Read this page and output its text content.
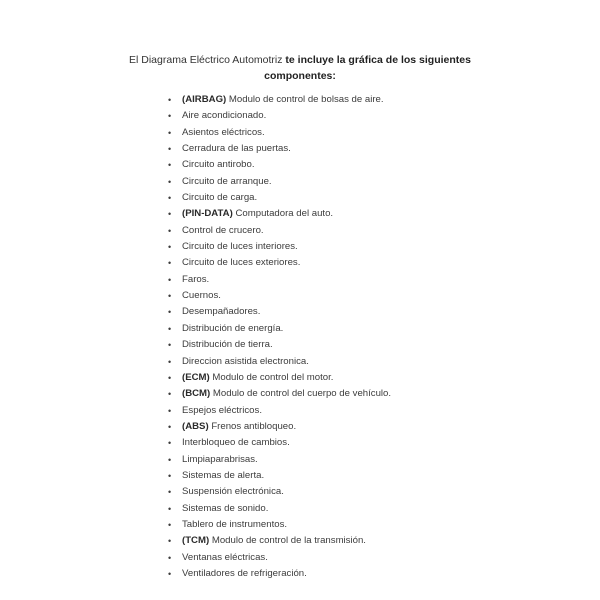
El Diagrama Eléctrico Automotriz te incluye la gráfica de los siguientes componentes:

• (AIRBAG) Modulo de control de bolsas de aire.
• Aire acondicionado.
• Asientos eléctricos.
• Cerradura de las puertas.
• Circuito antirobo.
• Circuito de arranque.
• Circuito de carga.
• (PIN-DATA) Computadora del auto.
• Control de crucero.
• Circuito de luces interiores.
• Circuito de luces exteriores.
• Faros.
• Cuernos.
• Desempañadores.
• Distribución de energía.
• Distribución de tierra.
• Direccion asistida electronica.
• (ECM) Modulo de control del motor.
• (BCM) Modulo de control del cuerpo de vehículo.
• Espejos eléctricos.
• (ABS) Frenos antibloqueo.
• Interbloqueo de cambios.
• Limpiaparabrisas.
• Sistemas de alerta.
• Suspensión electrónica.
• Sistemas de sonido.
• Tablero de instrumentos.
• (TCM) Modulo de control de la transmisión.
• Ventanas eléctricas.
• Ventiladores de refrigeración.
